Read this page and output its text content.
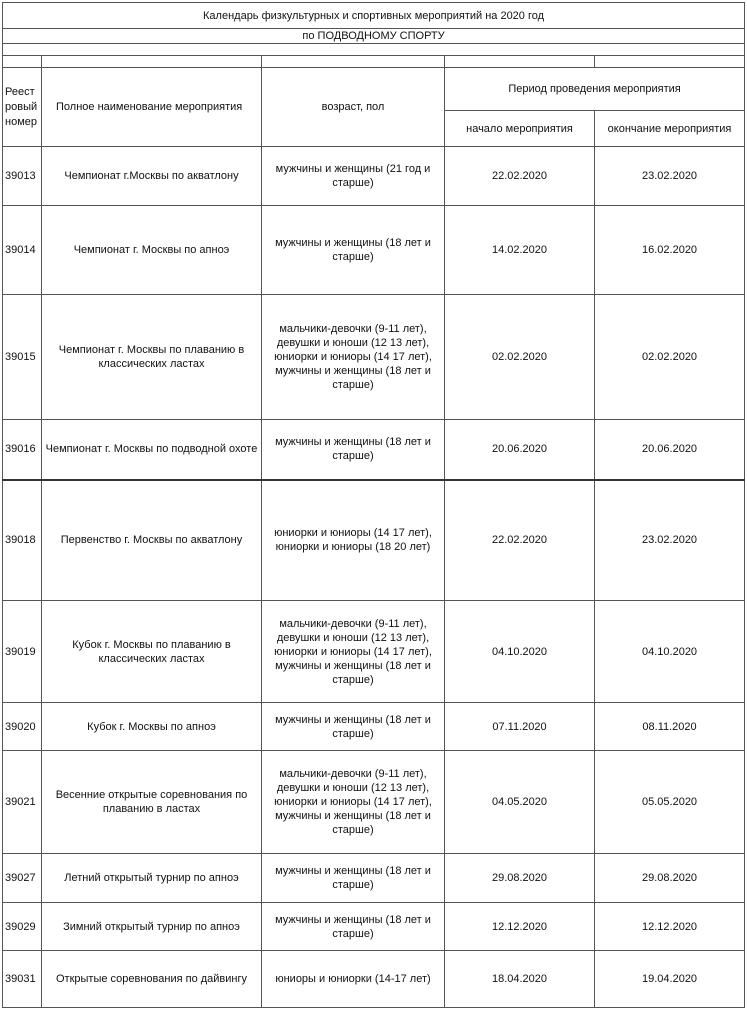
Календарь физкультурных и спортивных мероприятий на 2020 год				
по ПОДВОДНОМУ СПОРТУ				

Реест ровый номер	Полное наименование мероприятия	возраст, пол	Период проведения мероприятия	
			начало мероприятия	окончание мероприятия
39013	Чемпионат г.Москвы по акватлону	мужчины и женщины (21 год и старше)	22.02.2020	23.02.2020
39014	Чемпионат г. Москвы по апноэ	мужчины и женщины (18 лет и старше)	14.02.2020	16.02.2020
39015	Чемпионат г. Москвы по плаванию в классических ластах	мальчики-девочки (9-11 лет), девушки и юноши (12 13 лет), юниорки и юниоры (14 17 лет), мужчины и женщины (18 лет и старше)	02.02.2020	02.02.2020
39016	Чемпионат г. Москвы по подводной охоте	мужчины и женщины (18 лет и старше)	20.06.2020	20.06.2020
39018	Первенство г. Москвы по акватлону	юниорки и юниоры (14 17 лет), юниорки и юниоры (18 20 лет)	22.02.2020	23.02.2020
39019	Кубок г. Москвы по плаванию в классических ластах	мальчики-девочки (9-11 лет), девушки и юноши (12 13 лет), юниорки и юниоры (14 17 лет), мужчины и женщины (18 лет и старше)	04.10.2020	04.10.2020
39020	Кубок г. Москвы по апноэ	мужчины и женщины (18 лет и старше)	07.11.2020	08.11.2020
39021	Весенние открытые соревнования по плаванию в ластах	мальчики-девочки (9-11 лет), девушки и юноши (12 13 лет), юниорки и юниоры (14 17 лет), мужчины и женщины (18 лет и старше)	04.05.2020	05.05.2020
39027	Летний открытый турнир по апноэ	мужчины и женщины (18 лет и старше)	29.08.2020	29.08.2020
39029	Зимний открытый турнир по апноэ	мужчины и женщины (18 лет и старше)	12.12.2020	12.12.2020
39031	Открытые соревнования по дайвингу	юниоры и юниорки (14-17 лет)	18.04.2020	19.04.2020
